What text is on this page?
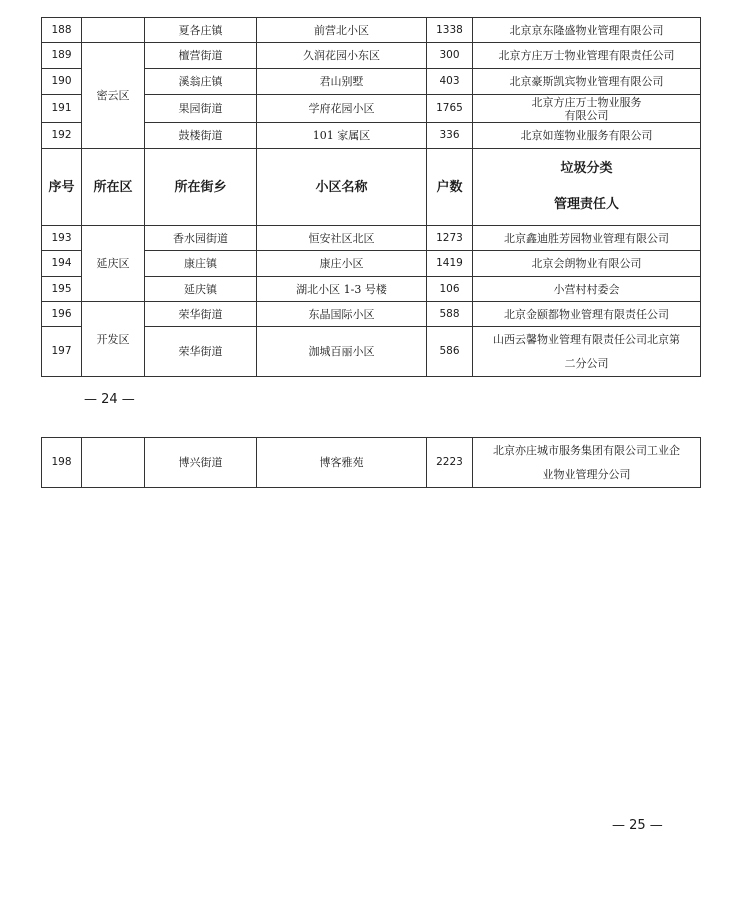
188		夏各庄镇	前营北小区	1338	北京京东隆盛物业管理有限公司
189	密云区	檀营街道	久润花园小东区	300	北京方庄万士物业管理有限责任公司
190		溪翁庄镇	君山别墅	403	北京豪斯凯宾物业管理有限公司
191		果园街道	学府花园小区	1765	北京方庄万士物业服务
有限公司

192		鼓楼街道	101 家属区	336	北京如莲物业服务有限公司
序号	所在区	所在街乡	小区名称	户数	垃圾分类
管理责任人

193	延庆区	香水园街道	恒安社区北区	1273	北京鑫迪胜芳园物业管理有限公司
194		康庄镇	康庄小区	1419	北京会朗物业有限公司
195		延庆镇	湖北小区 1-3 号楼	106	小营村村委会
196	开发区	荣华街道	东晶国际小区	588	北京金颐都物业管理有限责任公司
197		荣华街道	泇城百丽小区	586	山西云馨物业管理有限责任公司北京第
二分公司
— 24 —
198		博兴街道	博客雅苑	2223	
北京亦庄城市服务集团有限公司工业企
业物业管理分公司
— 25 —
